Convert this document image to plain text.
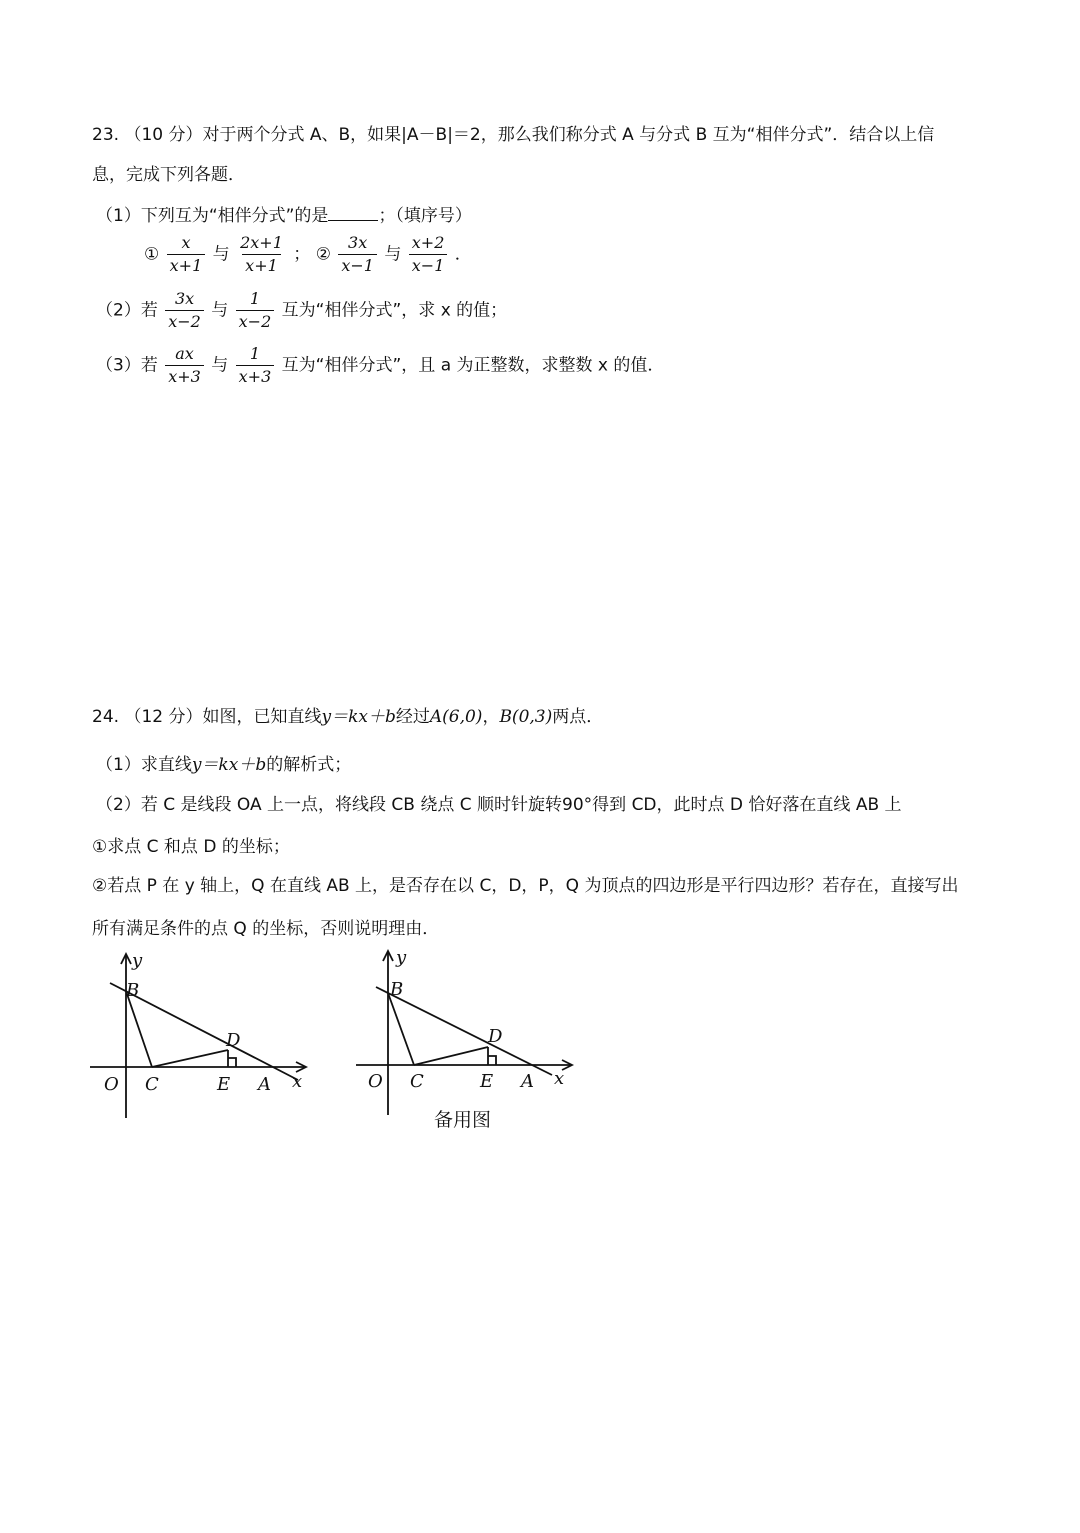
23. （10 分）对于两个分式 A、B，如果|A－B|＝2，那么我们称分式 A 与分式 B 互为“相伴分式”．结合以上信
息，完成下列各题．
（1）下列互为“相伴分式”的是	；（填序号）
① $\frac{x}{x+1}$ 与 $\frac{2x+1}{x+1}$ ； ② $\frac{3x}{x-1}$ 与 $\frac{x+2}{x-1}$ ．
（2）若 $\frac{3x}{x-2}$ 与 $\frac{1}{x-2}$ 互为“相伴分式”，求 x 的值；
（3）若 $\frac{ax}{x+3}$ 与 $\frac{1}{x+3}$ 互为“相伴分式”，且 a 为正整数，求整数 x 的值．
24. （12 分）如图，已知直线y＝kx＋b经过A(6,0)，B(0,3)两点．
（1）求直线y＝kx＋b的解析式；
（2）若 C 是线段 OA 上一点，将线段 CB 绕点 C 顺时针旋转90°得到 CD，此时点 D 恰好落在直线 AB 上
①求点 C 和点 D 的坐标；
②若点 P 在 y 轴上，Q 在直线 AB 上，是否存在以 C，D，P，Q 为顶点的四边形是平行四边形？若存在，直接写出
所有满足条件的点 Q 的坐标，否则说明理由．
y
B
D
O C	E A x
y
B
D
O C	E A x
备用图
